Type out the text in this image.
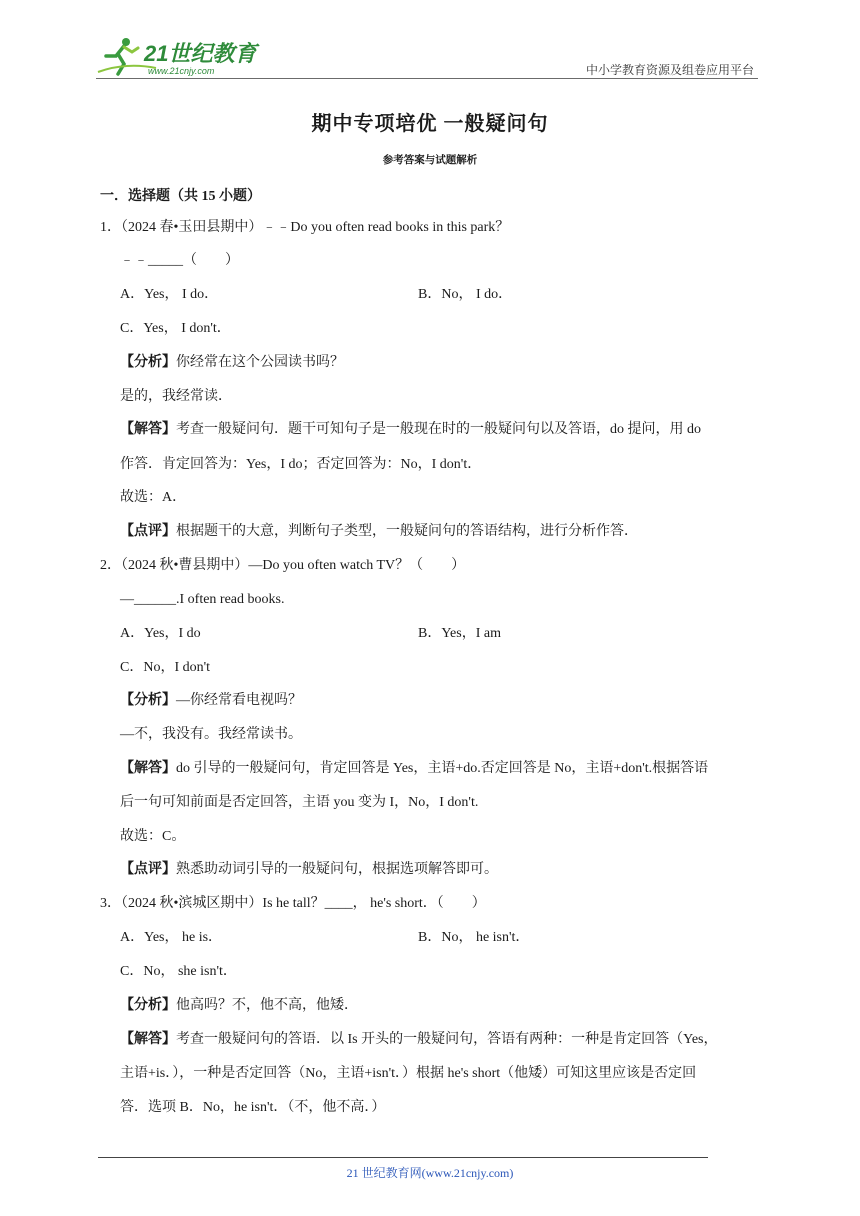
21世纪教育
www.21cnjy.com	中小学教育资源及组卷应用平台
期中专项培优 一般疑问句
参考答案与试题解析
一．选择题（共 15 小题）
1．（2024 春•玉田县期中）﹣﹣Do you often read books in this park？
﹣﹣_____（　　）
A．Yes， I do．	B．No， I do．
C．Yes， I don't．
【分析】你经常在这个公园读书吗？
是的，我经常读．
【解答】考查一般疑问句．题干可知句子是一般现在时的一般疑问句以及答语，do 提问，用 do
作答．肯定回答为：Yes，I do；否定回答为：No，I don't．
故选：A．
【点评】根据题干的大意，判断句子类型，一般疑问句的答语结构，进行分析作答．
2．（2024 秋•曹县期中）—Do you often watch TV？（　　）
—______.I often read books.
A．Yes，I do	B．Yes，I am
C．No，I don't
【分析】—你经常看电视吗？
—不，我没有。我经常读书。
【解答】do 引导的一般疑问句，肯定回答是 Yes，主语+do.否定回答是 No，主语+don't.根据答语
后一句可知前面是否定回答，主语 you 变为 I，No，I don't.
故选：C。
【点评】熟悉助动词引导的一般疑问句，根据选项解答即可。
3．（2024 秋•滨城区期中）Is he tall？____， he's short．（　　）
A．Yes， he is．	B．No， he isn't．
C．No， she isn't．
【分析】他高吗？不，他不高，他矮．
【解答】考查一般疑问句的答语．以 Is 开头的一般疑问句，答语有两种：一种是肯定回答（Yes，
主语+is．），一种是否定回答（No，主语+isn't．）根据 he's short（他矮）可知这里应该是否定回
答．选项 B．No，he isn't．（不，他不高．）
21 世纪教育网(www.21cnjy.com)
